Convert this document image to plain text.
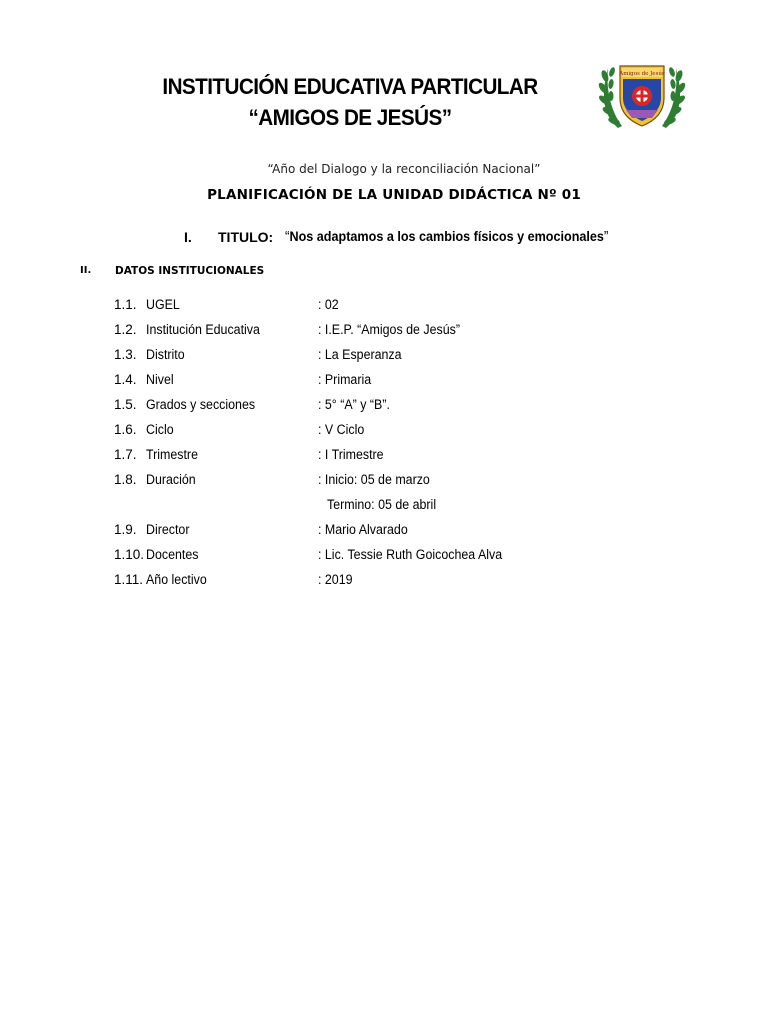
INSTITUCIÓN EDUCATIVA PARTICULAR
“AMIGOS DE JESÚS”
Amigos de Jesús
“Año del Dialogo y la reconciliación Nacional”
PLANIFICACIÓN DE LA UNIDAD DIDÁCTICA Nº 01
I. TITULO: “Nos adaptamos a los cambios físicos y emocionales”
II. DATOS INSTITUCIONALES
1.1. UGEL	: 02
1.2. Institución Educativa	: I.E.P. “Amigos de Jesús”
1.3. Distrito	: La Esperanza
1.4. Nivel	: Primaria
1.5. Grados y secciones	: 5° “A” y “B”.
1.6. Ciclo	: V Ciclo
1.7. Trimestre	: I Trimestre
1.8. Duración	: Inicio: 05 de marzo
Termino: 05 de abril
1.9. Director	: Mario Alvarado
1.10. Docentes	: Lic. Tessie Ruth Goicochea Alva
1.11. Año lectivo	: 2019
